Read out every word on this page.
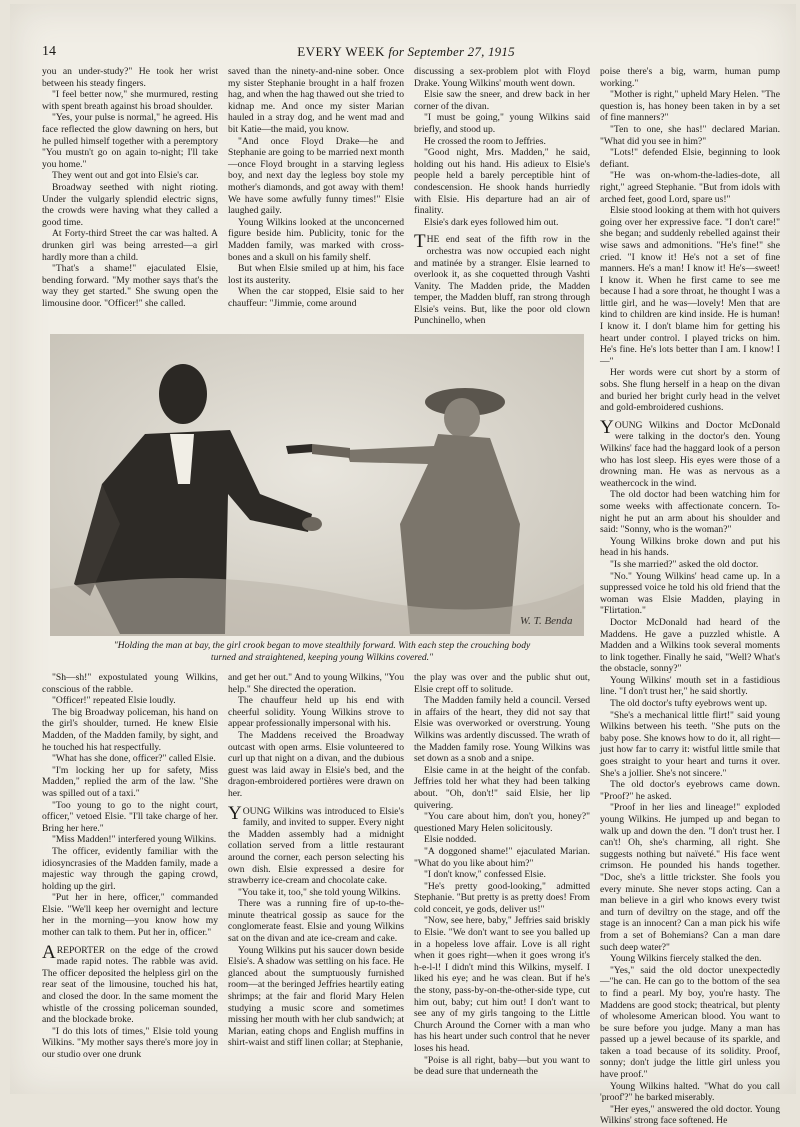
14	EVERY WEEK for September 27, 1915

you an under-study?" He took her wrist between his steady fingers.

"I feel better now," she murmured, resting with spent breath against his broad shoulder.

"Yes, your pulse is normal," he agreed. His face reflected the glow dawning on hers, but he pulled himself together with a peremptory "You mustn't go on again to-night; I'll take you home."

They went out and got into Elsie's car.

Broadway seethed with night rioting. Under the vulgarly splendid electric signs, the crowds were having what they called a good time.

At Forty-third Street the car was halted. A drunken girl was being arrested—a girl hardly more than a child.

"That's a shame!" ejaculated Elsie, bending forward. "My mother says that's the way they get started." She swung open the limousine door. "Officer!" she called.

saved than the ninety-and-nine sober. Once my sister Stephanie brought in a half frozen hag, and when the hag thawed out she tried to kidnap me. And once my sister Marian hauled in a stray dog, and he went mad and bit Katie—the maid, you know.

"And once Floyd Drake—he and Stephanie are going to be married next month—once Floyd brought in a starving legless boy, and next day the legless boy stole my mother's diamonds, and got away with them! We have some awfully funny times!" Elsie laughed gaily.

Young Wilkins looked at the unconcerned figure beside him. Publicity, tonic for the Madden family, was marked with cross-bones and a skull on his family shelf.

But when Elsie smiled up at him, his face lost its austerity.

When the car stopped, Elsie said to her chauffeur: "Jimmie, come around

discussing a sex-problem plot with Floyd Drake. Young Wilkins' mouth went down.

Elsie saw the sneer, and drew back in her corner of the divan.

"I must be going," young Wilkins said briefly, and stood up.

He crossed the room to Jeffries.

"Good night, Mrs. Madden," he said, holding out his hand. His adieux to Elsie's people held a barely perceptible hint of condescension. He shook hands hurriedly with Elsie. His departure had an air of finality.

Elsie's dark eyes followed him out.

THE end seat of the fifth row in the orchestra was now occupied each night and matinée by a stranger. Elsie learned to overlook it, as she coquetted through Vashti Vanity. The Madden pride, the Madden temper, the Madden bluff, ran strong through Elsie's veins. But, like the poor old clown Punchinello, when

poise there's a big, warm, human pump working."

"Mother is right," upheld Mary Helen. "The question is, has honey been taken in by a set of fine manners?"

"Ten to one, she has!" declared Marian. "What did you see in him?"

"Lots!" defended Elsie, beginning to look defiant.

"He was on-whom-the-ladies-dote, all right," agreed Stephanie. "But from idols with arched feet, good Lord, spare us!"

Elsie stood looking at them with hot quivers going over her expressive face. "I don't care!" she began; and suddenly rebelled against their wise saws and admonitions. "He's fine!" she cried. "I know it! He's not a set of fine manners. He's a man! I know it! He's—sweet! I know it. When he first came to see me because I had a sore throat, he thought I was a little girl, and he was—lovely! Men that are kind to children are kind inside. He is human! I know it. I don't blame him for getting his heart under control. I played tricks on him. He's fine. He's lots better than I am. I know! I—"

Her words were cut short by a storm of sobs. She flung herself in a heap on the divan and buried her bright curly head in the velvet and gold-embroidered cushions.

YOUNG Wilkins and Doctor McDonald were talking in the doctor's den. Young Wilkins' face had the haggard look of a person who has lost sleep. His eyes were those of a drowning man. He was as nervous as a weathercock in the wind.

The old doctor had been watching him for some weeks with affectionate concern. To-night he put an arm about his shoulder and said: "Sonny, who is the woman?"

Young Wilkins broke down and put his head in his hands.

"Is she married?" asked the old doctor.

"No." Young Wilkins' head came up. In a suppressed voice he told his old friend that the woman was Elsie Madden, playing in "Flirtation."

Doctor McDonald had heard of the Maddens. He gave a puzzled whistle. A Madden and a Wilkins took several moments to link together. Finally he said, "Well? What's the obstacle, sonny?"

Young Wilkins' mouth set in a fastidious line. "I don't trust her," he said shortly.

The old doctor's tufty eyebrows went up.

"She's a mechanical little flirt!" said young Wilkins between his teeth. "She puts on the baby pose. She knows how to do it, all right—just how far to carry it: wistful little smile that goes straight to your heart and turns it over. She's a jollier. She's not sincere."

The old doctor's eyebrows came down. "Proof?" he asked.

"Proof in her lies and lineage!" exploded young Wilkins. He jumped up and began to walk up and down the den. "I don't trust her. I can't! Oh, she's charming, all right. She suggests nothing but naïveté." His face went crimson. He pounded his hands together. "Doc, she's a little trickster. She fools you every minute. She never stops acting. Can a man believe in a girl who knows every twist and turn of deviltry on the stage, and off the stage is an innocent? Can a man pick his wife from a set of Bohemians? Can a man dare such deep water?"

Young Wilkins fiercely stalked the den.

"Yes," said the old doctor unexpectedly—"he can. He can go to the bottom of the sea to find a pearl. My boy, you're hasty. The Maddens are good stock; theatrical, but plenty of wholesome American blood. You want to be sure before you judge. Many a man has passed up a jewel because of its sparkle, and taken a toad because of its solidity. Proof, sonny; don't judge the little girl unless you have proof."

Young Wilkins halted. "What do you call 'proof'?" he barked miserably.

"Her eyes," answered the old doctor. Young Wilkins' strong face softened. He

W. T. Benda
"Holding the man at bay, the girl crook began to move stealthily forward. With each step the crouching body turned and straightened, keeping young Wilkins covered."

"Sh—sh!" expostulated young Wilkins, conscious of the rabble.

"Officer!" repeated Elsie loudly.

The big Broadway policeman, his hand on the girl's shoulder, turned. He knew Elsie Madden, of the Madden family, by sight, and he touched his hat respectfully.

"What has she done, officer?" called Elsie.

"I'm locking her up for safety, Miss Madden," replied the arm of the law. "She was spilled out of a taxi."

"Too young to go to the night court, officer," vetoed Elsie. "I'll take charge of her. Bring her here."

"Miss Madden!" interfered young Wilkins.

The officer, evidently familiar with the idiosyncrasies of the Madden family, made a majestic way through the gaping crowd, holding up the girl.

"Put her in here, officer," commanded Elsie. "We'll keep her overnight and lecture her in the morning—you know how my mother can talk to them. Put her in, officer."

AREPORTER on the edge of the crowd made rapid notes. The rabble was avid. The officer deposited the helpless girl on the rear seat of the limousine, touched his hat, and closed the door. In the same moment the whistle of the crossing policeman sounded, and the blockade broke.

"I do this lots of times," Elsie told young Wilkins. "My mother says there's more joy in our studio over one drunk

and get her out." And to young Wilkins, "You help." She directed the operation.

The chauffeur held up his end with cheerful solidity. Young Wilkins strove to appear professionally impersonal with his.

The Maddens received the Broadway outcast with open arms. Elsie volunteered to curl up that night on a divan, and the dubious guest was laid away in Elsie's bed, and the dragon-embroidered portières were drawn on her.

YOUNG Wilkins was introduced to Elsie's family, and invited to supper. Every night the Madden assembly had a midnight collation served from a little restaurant around the corner, each person selecting his own dish. Elsie expressed a desire for strawberry ice-cream and chocolate cake.

"You take it, too," she told young Wilkins.

There was a running fire of up-to-the-minute theatrical gossip as sauce for the conglomerate feast. Elsie and young Wilkins sat on the divan and ate ice-cream and cake.

Young Wilkins put his saucer down beside Elsie's. A shadow was settling on his face. He glanced about the sumptuously furnished room—at the beringed Jeffries heartily eating shrimps; at the fair and florid Mary Helen studying a music score and sometimes missing her mouth with her club sandwich; at Marian, eating chops and English muffins in shirt-waist and stiff linen collar; at Stephanie,

the play was over and the public shut out, Elsie crept off to solitude.

The Madden family held a council. Versed in affairs of the heart, they did not say that Elsie was overworked or overstrung. Young Wilkins was ardently discussed. The wrath of the Madden family rose. Young Wilkins was set down as a snob and a snipe.

Elsie came in at the height of the confab. Jeffries told her what they had been talking about. "Oh, don't!" said Elsie, her lip quivering.

"You care about him, don't you, honey?" questioned Mary Helen solicitously.

Elsie nodded.

"A doggoned shame!" ejaculated Marian. "What do you like about him?"

"I don't know," confessed Elsie.

"He's pretty good-looking," admitted Stephanie. "But pretty is as pretty does! From cold conceit, ye gods, deliver us!"

"Now, see here, baby," Jeffries said briskly to Elsie. "We don't want to see you balled up in a hopeless love affair. Love is all right when it goes right—when it goes wrong it's h-e-l-l! I didn't mind this Wilkins, myself. I liked his eye; and he was clean. But if he's the stony, pass-by-on-the-other-side type, cut him out, baby; cut him out! I don't want to see any of my girls tangoing to the Little Church Around the Corner with a man who has his heart under such control that he never loses his head.

"Poise is all right, baby—but you want to be dead sure that underneath the
